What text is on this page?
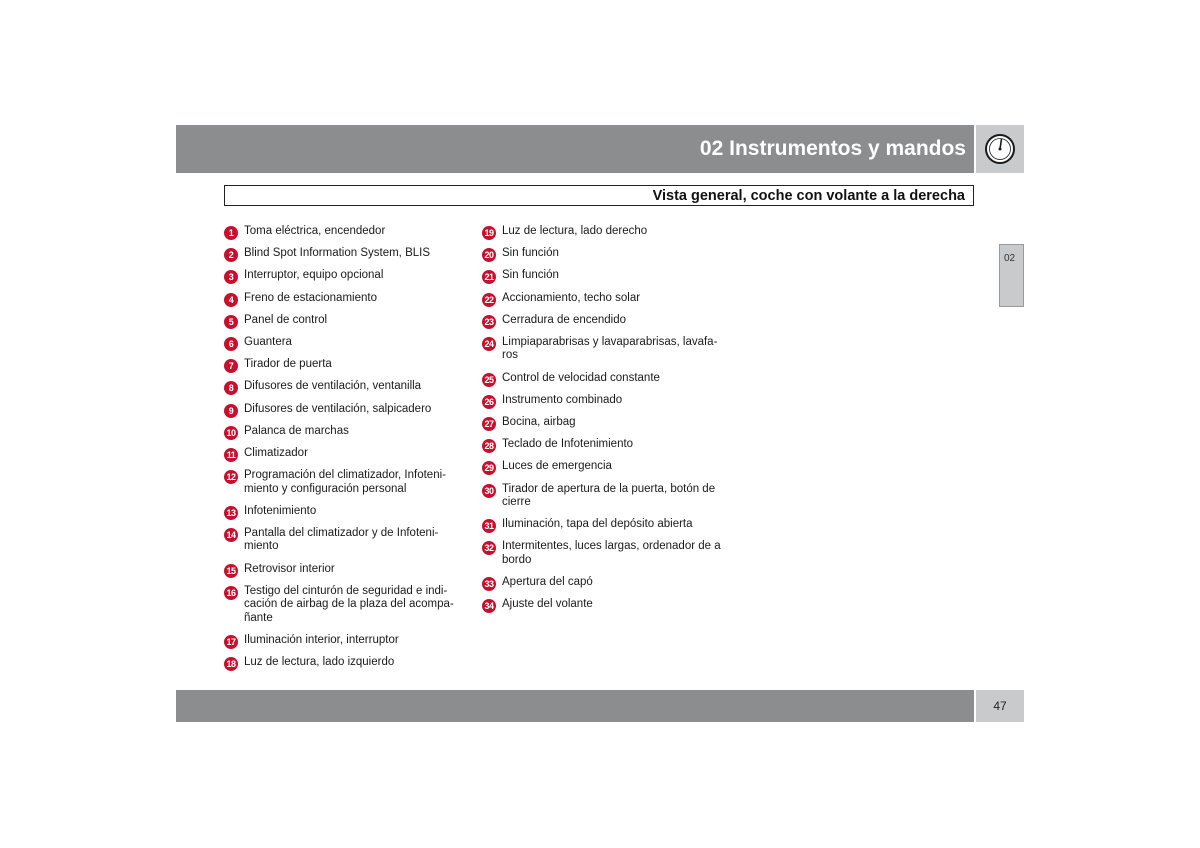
02 Instrumentos y mandos
Vista general, coche con volante a la derecha
02
1 Toma eléctrica, encendedor
2 Blind Spot Information System, BLIS
3 Interruptor, equipo opcional
4 Freno de estacionamiento
5 Panel de control
6 Guantera
7 Tirador de puerta
8 Difusores de ventilación, ventanilla
9 Difusores de ventilación, salpicadero
10 Palanca de marchas
11 Climatizador
12 Programación del climatizador, Infoteni-
miento y configuración personal
13 Infotenimiento
14 Pantalla del climatizador y de Infoteni-
miento
15 Retrovisor interior
16 Testigo del cinturón de seguridad e indi-
cación de airbag de la plaza del acompa-
ñante
17 Iluminación interior, interruptor
18 Luz de lectura, lado izquierdo
19 Luz de lectura, lado derecho
20 Sin función
21 Sin función
22 Accionamiento, techo solar
23 Cerradura de encendido
24 Limpiaparabrisas y lavaparabrisas, lavafa-
ros
25 Control de velocidad constante
26 Instrumento combinado
27 Bocina, airbag
28 Teclado de Infotenimiento
29 Luces de emergencia
30 Tirador de apertura de la puerta, botón de
cierre
31 Iluminación, tapa del depósito abierta
32 Intermitentes, luces largas, ordenador de a
bordo
33 Apertura del capó
34 Ajuste del volante
47
